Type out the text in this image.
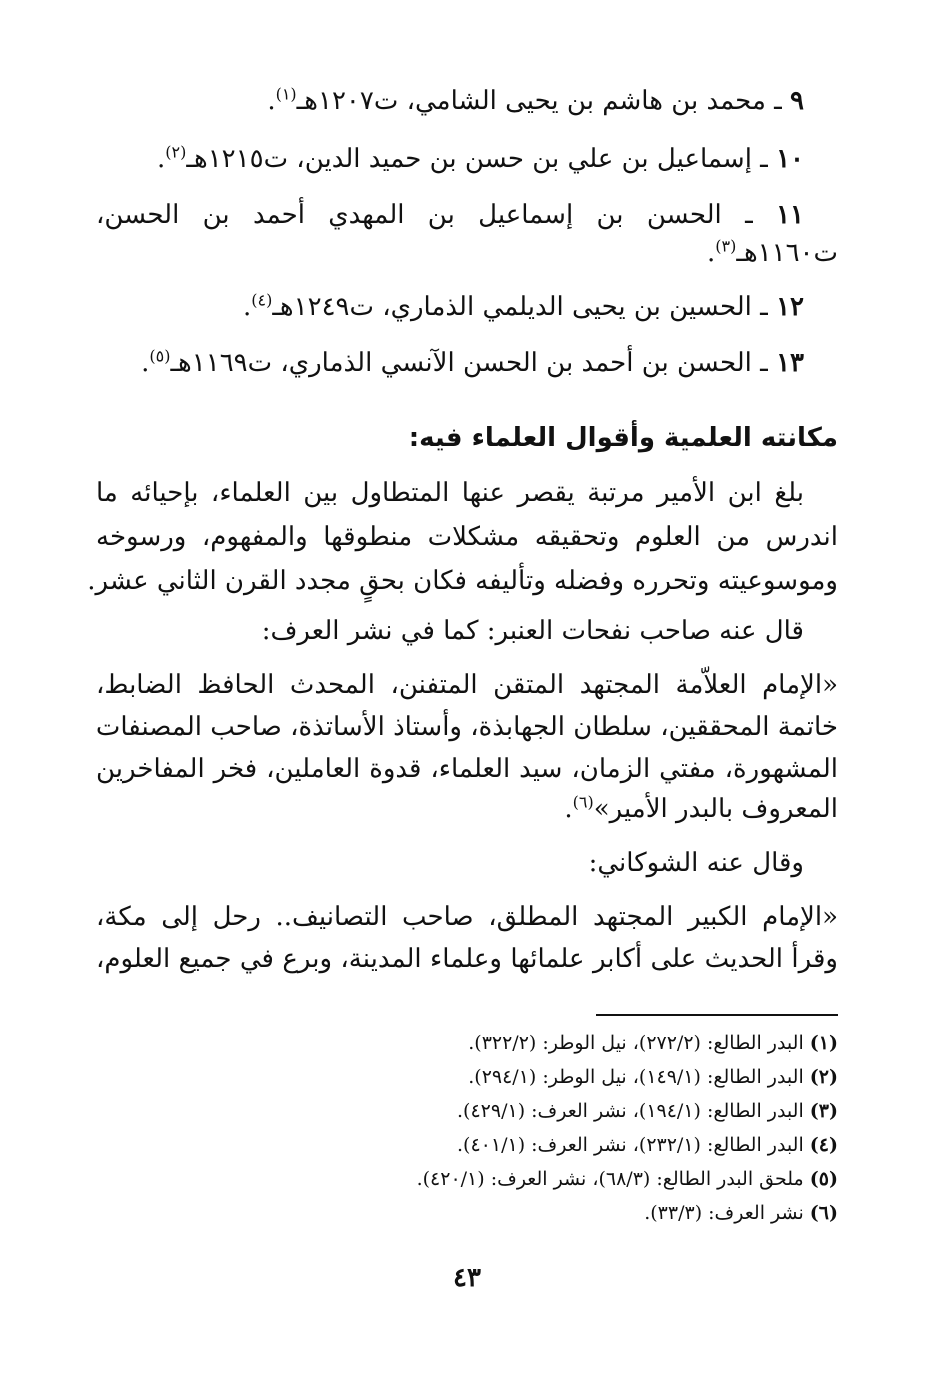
٩ ـ محمد بن هاشم بن يحيى الشامي، ت١٢٠٧هـ$^{(١)}$.
١٠ ـ إسماعيل بن علي بن حسن بن حميد الدين، ت١٢١٥هـ$^{(٢)}$.
١١ ـ الحسن بن إسماعيل بن المهدي أحمد بن الحسن،
ت١١٦٠هـ$^{(٣)}$.
١٢ ـ الحسين بن يحيى الديلمي الذماري، ت١٢٤٩هـ$^{(٤)}$.
١٣ ـ الحسن بن أحمد بن الحسن الآنسي الذماري، ت١١٦٩هـ$^{(٥)}$.
مكانته العلمية وأقوال العلماء فيه:
بلغ ابن الأمير مرتبة يقصر عنها المتطاول بين العلماء، بإحيائه ما
اندرس من العلوم وتحقيقه مشكلات منطوقها والمفهوم، ورسوخه
وموسوعيته وتحرره وفضله وتأليفه فكان بحقٍ مجدد القرن الثاني عشر.
قال عنه صاحب نفحات العنبر: كما في نشر العرف:
«الإمام العلاّمة المجتهد المتقن المتفنن، المحدث الحافظ الضابط،
خاتمة المحققين، سلطان الجهابذة، وأستاذ الأساتذة، صاحب المصنفات
المشهورة، مفتي الزمان، سيد العلماء، قدوة العاملين، فخر المفاخرين
المعروف بالبدر الأمير»$^{(٦)}$.
وقال عنه الشوكاني:
«الإمام الكبير المجتهد المطلق، صاحب التصانيف.. رحل إلى مكة،
وقرأ الحديث على أكابر علمائها وعلماء المدينة، وبرع في جميع العلوم،
(١) البدر الطالع: (٢٧٢/٢)، نيل الوطر: (٣٢٢/٢).
(٢) البدر الطالع: (١٤٩/١)، نيل الوطر: (٢٩٤/١).
(٣) البدر الطالع: (١٩٤/١)، نشر العرف: (٤٢٩/١).
(٤) البدر الطالع: (٢٣٢/١)، نشر العرف: (٤٠١/١).
(٥) ملحق البدر الطالع: (٦٨/٣)، نشر العرف: (٤٢٠/١).
(٦) نشر العرف: (٣٣/٣).
٤٣
